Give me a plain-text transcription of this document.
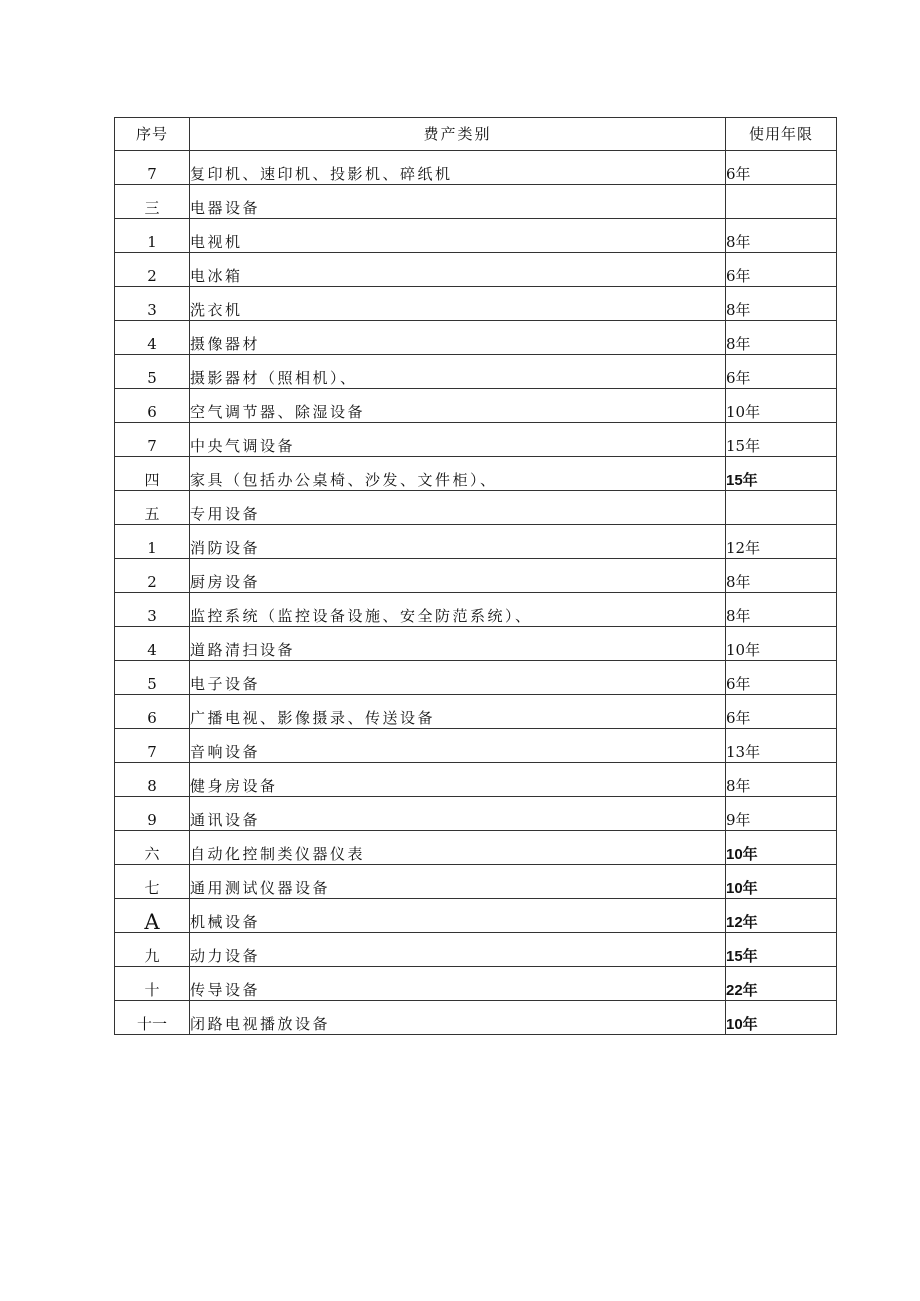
序号	费产类别	使用年限
7	复印机、速印机、投影机、碎纸机	6年
三	电器设备	
1	电视机	8年
2	电冰箱	6年
3	洗衣机	8年
4	摄像器材	8年
5	摄影器材（照相机）、	6年
6	空气调节器、除湿设备	10年
7	中央气调设备	15年
四	家具（包括办公桌椅、沙发、文件柜）、	15年
五	专用设备	
1	消防设备	12年
2	厨房设备	8年
3	监控系统（监控设备设施、安全防范系统）、	8年
4	道路清扫设备	10年
5	电子设备	6年
6	广播电视、影像摄录、传送设备	6年
7	音响设备	13年
8	健身房设备	8年
9	通讯设备	9年
六	自动化控制类仪器仪表	10年
七	通用测试仪器设备	10年
A	机械设备	12年
九	动力设备	15年
十	传导设备	22年
十一	闭路电视播放设备	10年
